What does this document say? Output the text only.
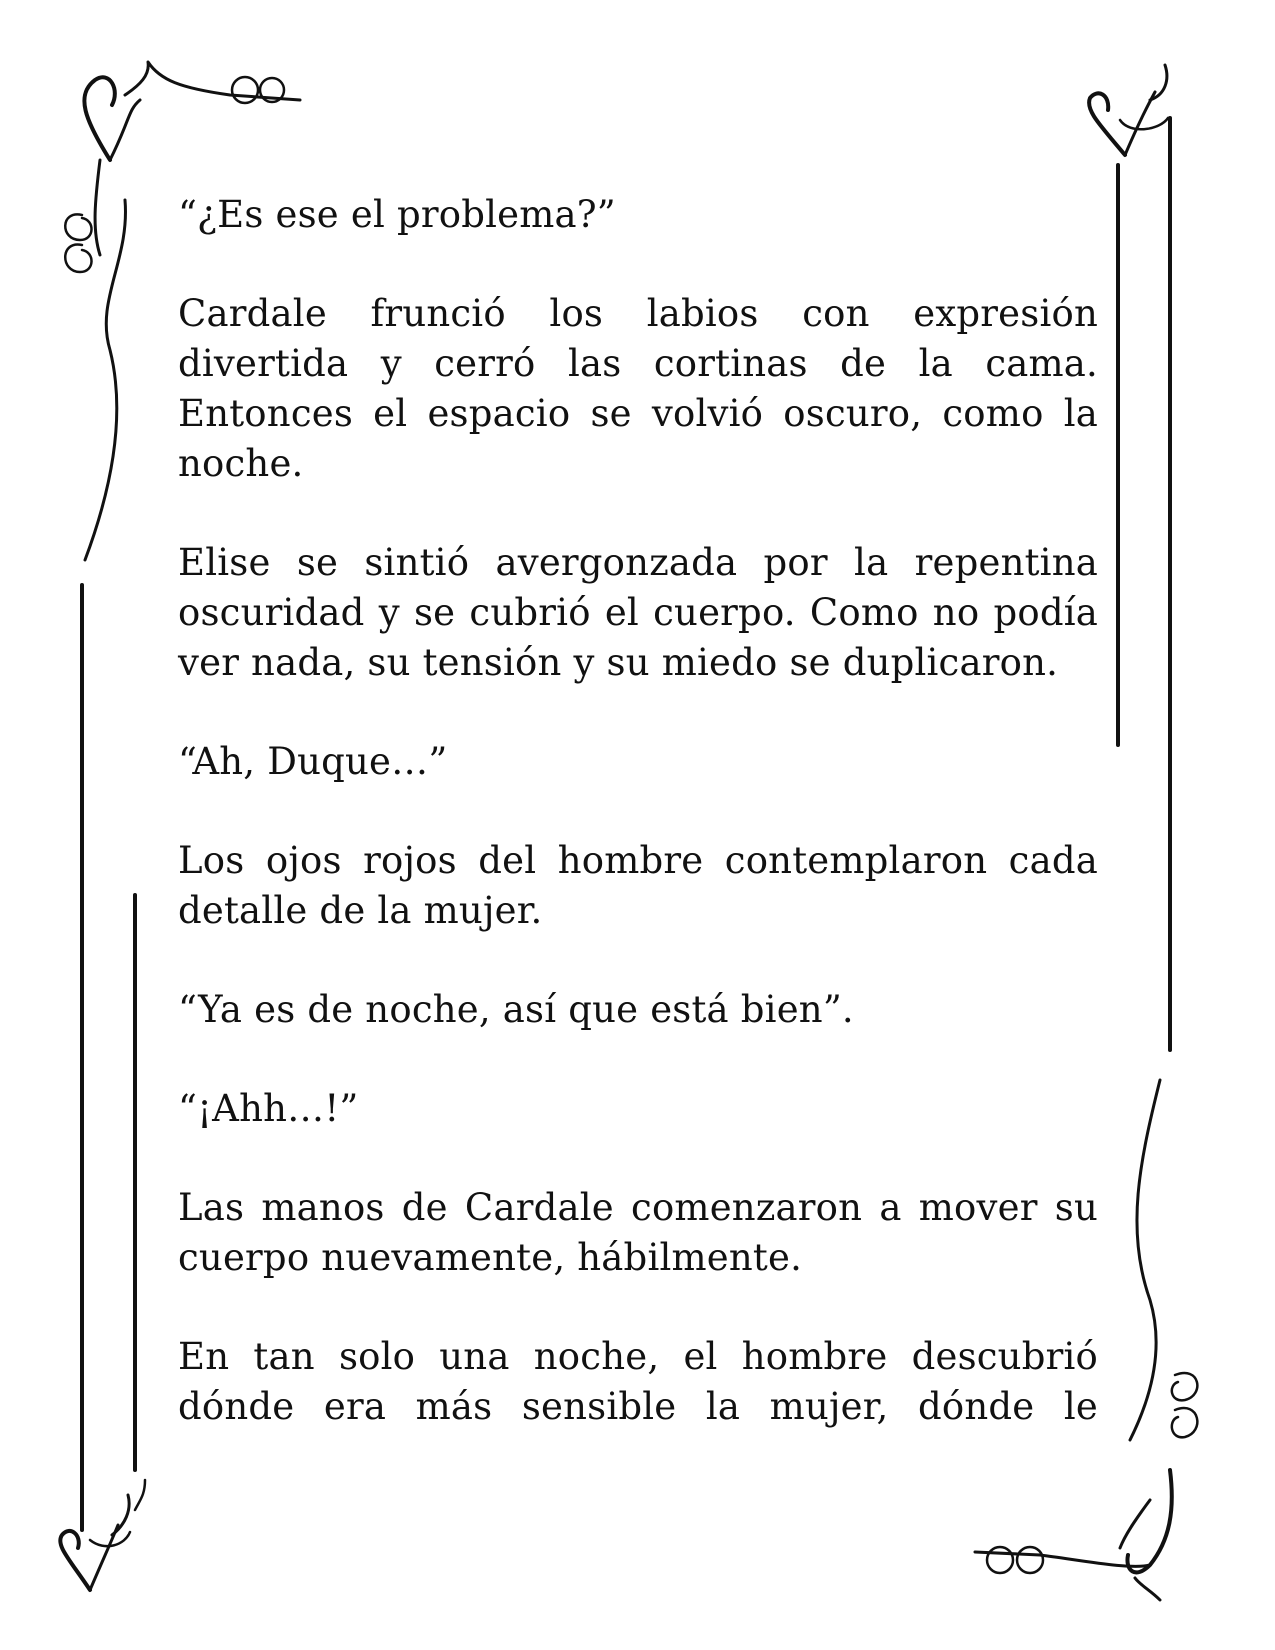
“¿Es ese el problema?”

Cardale frunció los labios con expresión divertida y cerró las cortinas de la cama. Entonces el espacio se volvió oscuro, como la noche.

Elise se sintió avergonzada por la repentina oscuridad y se cubrió el cuerpo. Como no podía ver nada, su tensión y su miedo se duplicaron.

“Ah, Duque…”

Los ojos rojos del hombre contemplaron cada detalle de la mujer.

“Ya es de noche, así que está bien”.

“¡Ahh…!”

Las manos de Cardale comenzaron a mover su cuerpo nuevamente, hábilmente.

En tan solo una noche, el hombre descubrió dónde era más sensible la mujer, dónde le
